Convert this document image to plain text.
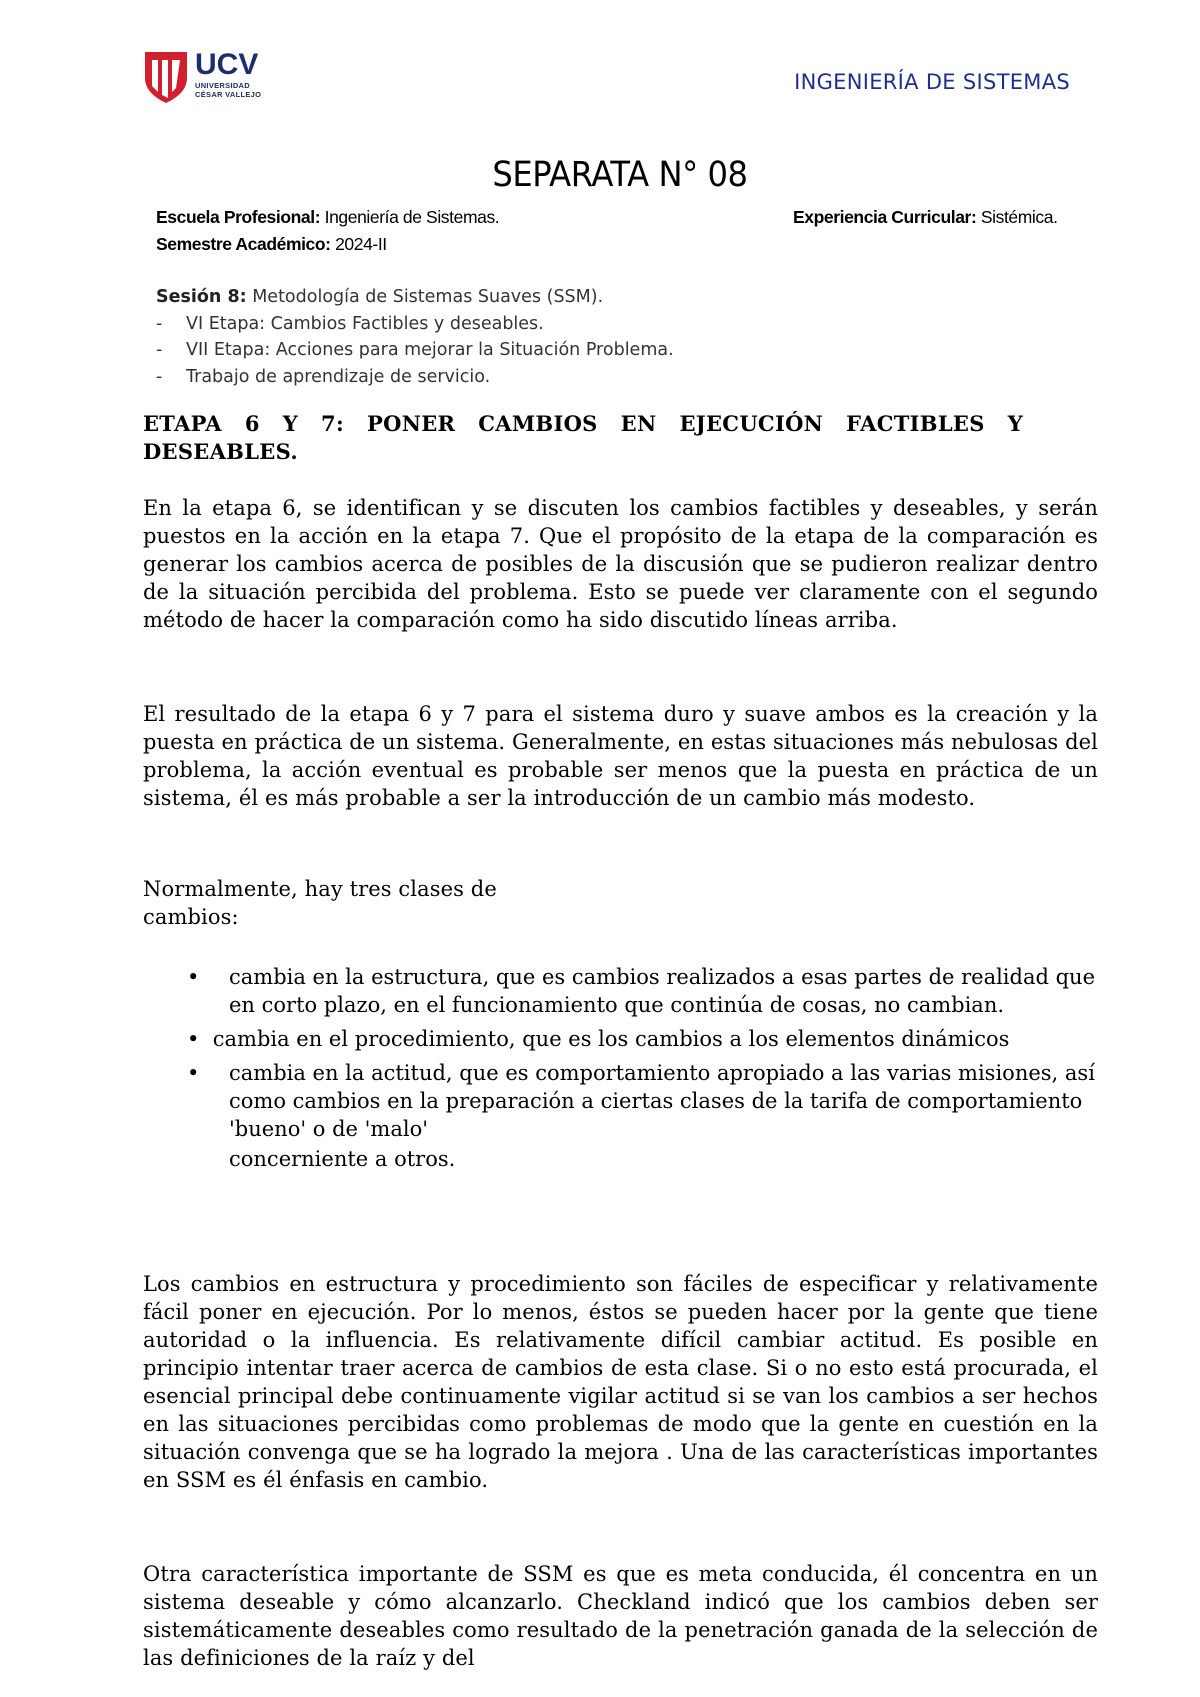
UCV
UNIVERSIDAD
CÉSAR VALLEJO
INGENIERÍA DE SISTEMAS
SEPARATA N° 08
Escuela Profesional: Ingeniería de Sistemas.	Experiencia Curricular: Sistémica.
Semestre Académico: 2024-II
Sesión 8: Metodología de Sistemas Suaves (SSM).
-	VI Etapa: Cambios Factibles y deseables.
-	VII Etapa: Acciones para mejorar la Situación Problema.
-	Trabajo de aprendizaje de servicio.
ETAPA 6 Y 7: PONER CAMBIOS EN EJECUCIÓN FACTIBLES Y DESEABLES.
En la etapa 6, se identifican y se discuten los cambios factibles y deseables, y serán puestos en la acción en la etapa 7. Que el propósito de la etapa de la comparación es generar los cambios acerca de posibles de la discusión que se pudieron realizar dentro de la situación percibida del problema. Esto se puede ver claramente con el segundo método de hacer la comparación como ha sido discutido líneas arriba.
El resultado de la etapa 6 y 7 para el sistema duro y suave ambos es la creación y la puesta en práctica de un sistema. Generalmente, en estas situaciones más nebulosas del problema, la acción eventual es probable ser menos que la puesta en práctica de un sistema, él es más probable a ser la introducción de un cambio más modesto.
Normalmente, hay tres clases de cambios:
• cambia en la estructura, que es cambios realizados a esas partes de realidad que en corto plazo, en el funcionamiento que continúa de cosas, no cambian.
•  cambia en el procedimiento, que es los cambios a los elementos dinámicos
• cambia en la actitud, que es comportamiento apropiado a las varias misiones, así como cambios en la preparación a ciertas clases de la tarifa de comportamiento 'bueno' o de 'malo'
concerniente a otros.
Los cambios en estructura y procedimiento son fáciles de especificar y relativamente fácil poner en ejecución. Por lo menos, éstos se pueden hacer por la gente que tiene autoridad o la influencia. Es relativamente difícil cambiar actitud. Es posible en principio intentar traer acerca de cambios de esta clase. Si o no esto está procurada, el esencial principal debe continuamente vigilar actitud si se van los cambios a ser hechos en las situaciones percibidas como problemas de modo que la gente en cuestión en la situación convenga que se ha logrado la mejora . Una de las características importantes en SSM es él énfasis en cambio.
Otra característica importante de SSM es que es meta conducida, él concentra en un sistema deseable y cómo alcanzarlo. Checkland indicó que los cambios deben ser sistemáticamente deseables como resultado de la penetración ganada de la selección de las definiciones de la raíz y del
